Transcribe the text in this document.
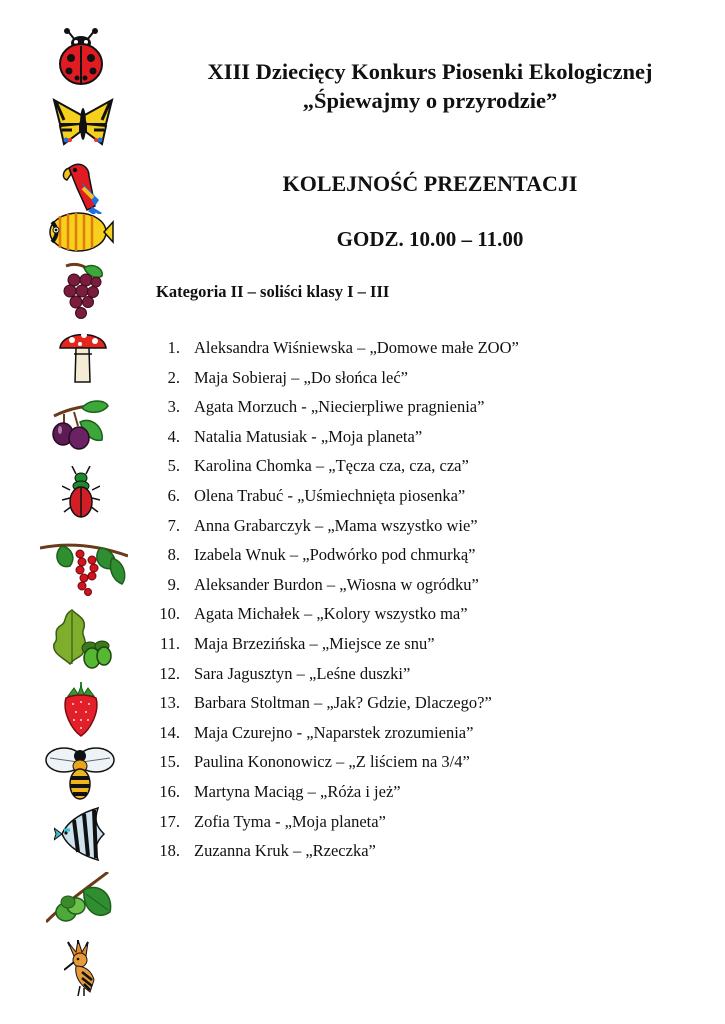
XIII Dziecięcy Konkurs Piosenki Ekologicznej
„Śpiewajmy o przyrodzie”
KOLEJNOŚĆ PREZENTACJI
GODZ. 10.00 – 11.00
Kategoria II – soliści klasy I – III
1. Aleksandra Wiśniewska – „Domowe małe ZOO”
2. Maja Sobieraj – „Do słońca leć”
3. Agata Morzuch - „Niecierpliwe pragnienia”
4. Natalia Matusiak - „Moja planeta”
5. Karolina Chomka – „Tęcza cza, cza, cza”
6. Olena Trabuć - „Uśmiechnięta piosenka”
7. Anna Grabarczyk – „Mama wszystko wie”
8. Izabela Wnuk – „Podwórko pod chmurką”
9. Aleksander Burdon – „Wiosna w ogródku”
10. Agata Michałek – „Kolory wszystko ma”
11. Maja Brzezińska – „Miejsce ze snu”
12. Sara Jagusztyn – „Leśne duszki”
13. Barbara Stoltman – „Jak? Gdzie, Dlaczego?”
14. Maja Czurejno - „Naparstek zrozumienia”
15. Paulina Kononowicz – „Z liściem na 3/4”
16. Martyna Maciąg – „Róża i jeż”
17. Zofia Tyma - „Moja planeta”
18. Zuzanna Kruk – „Rzeczka”
